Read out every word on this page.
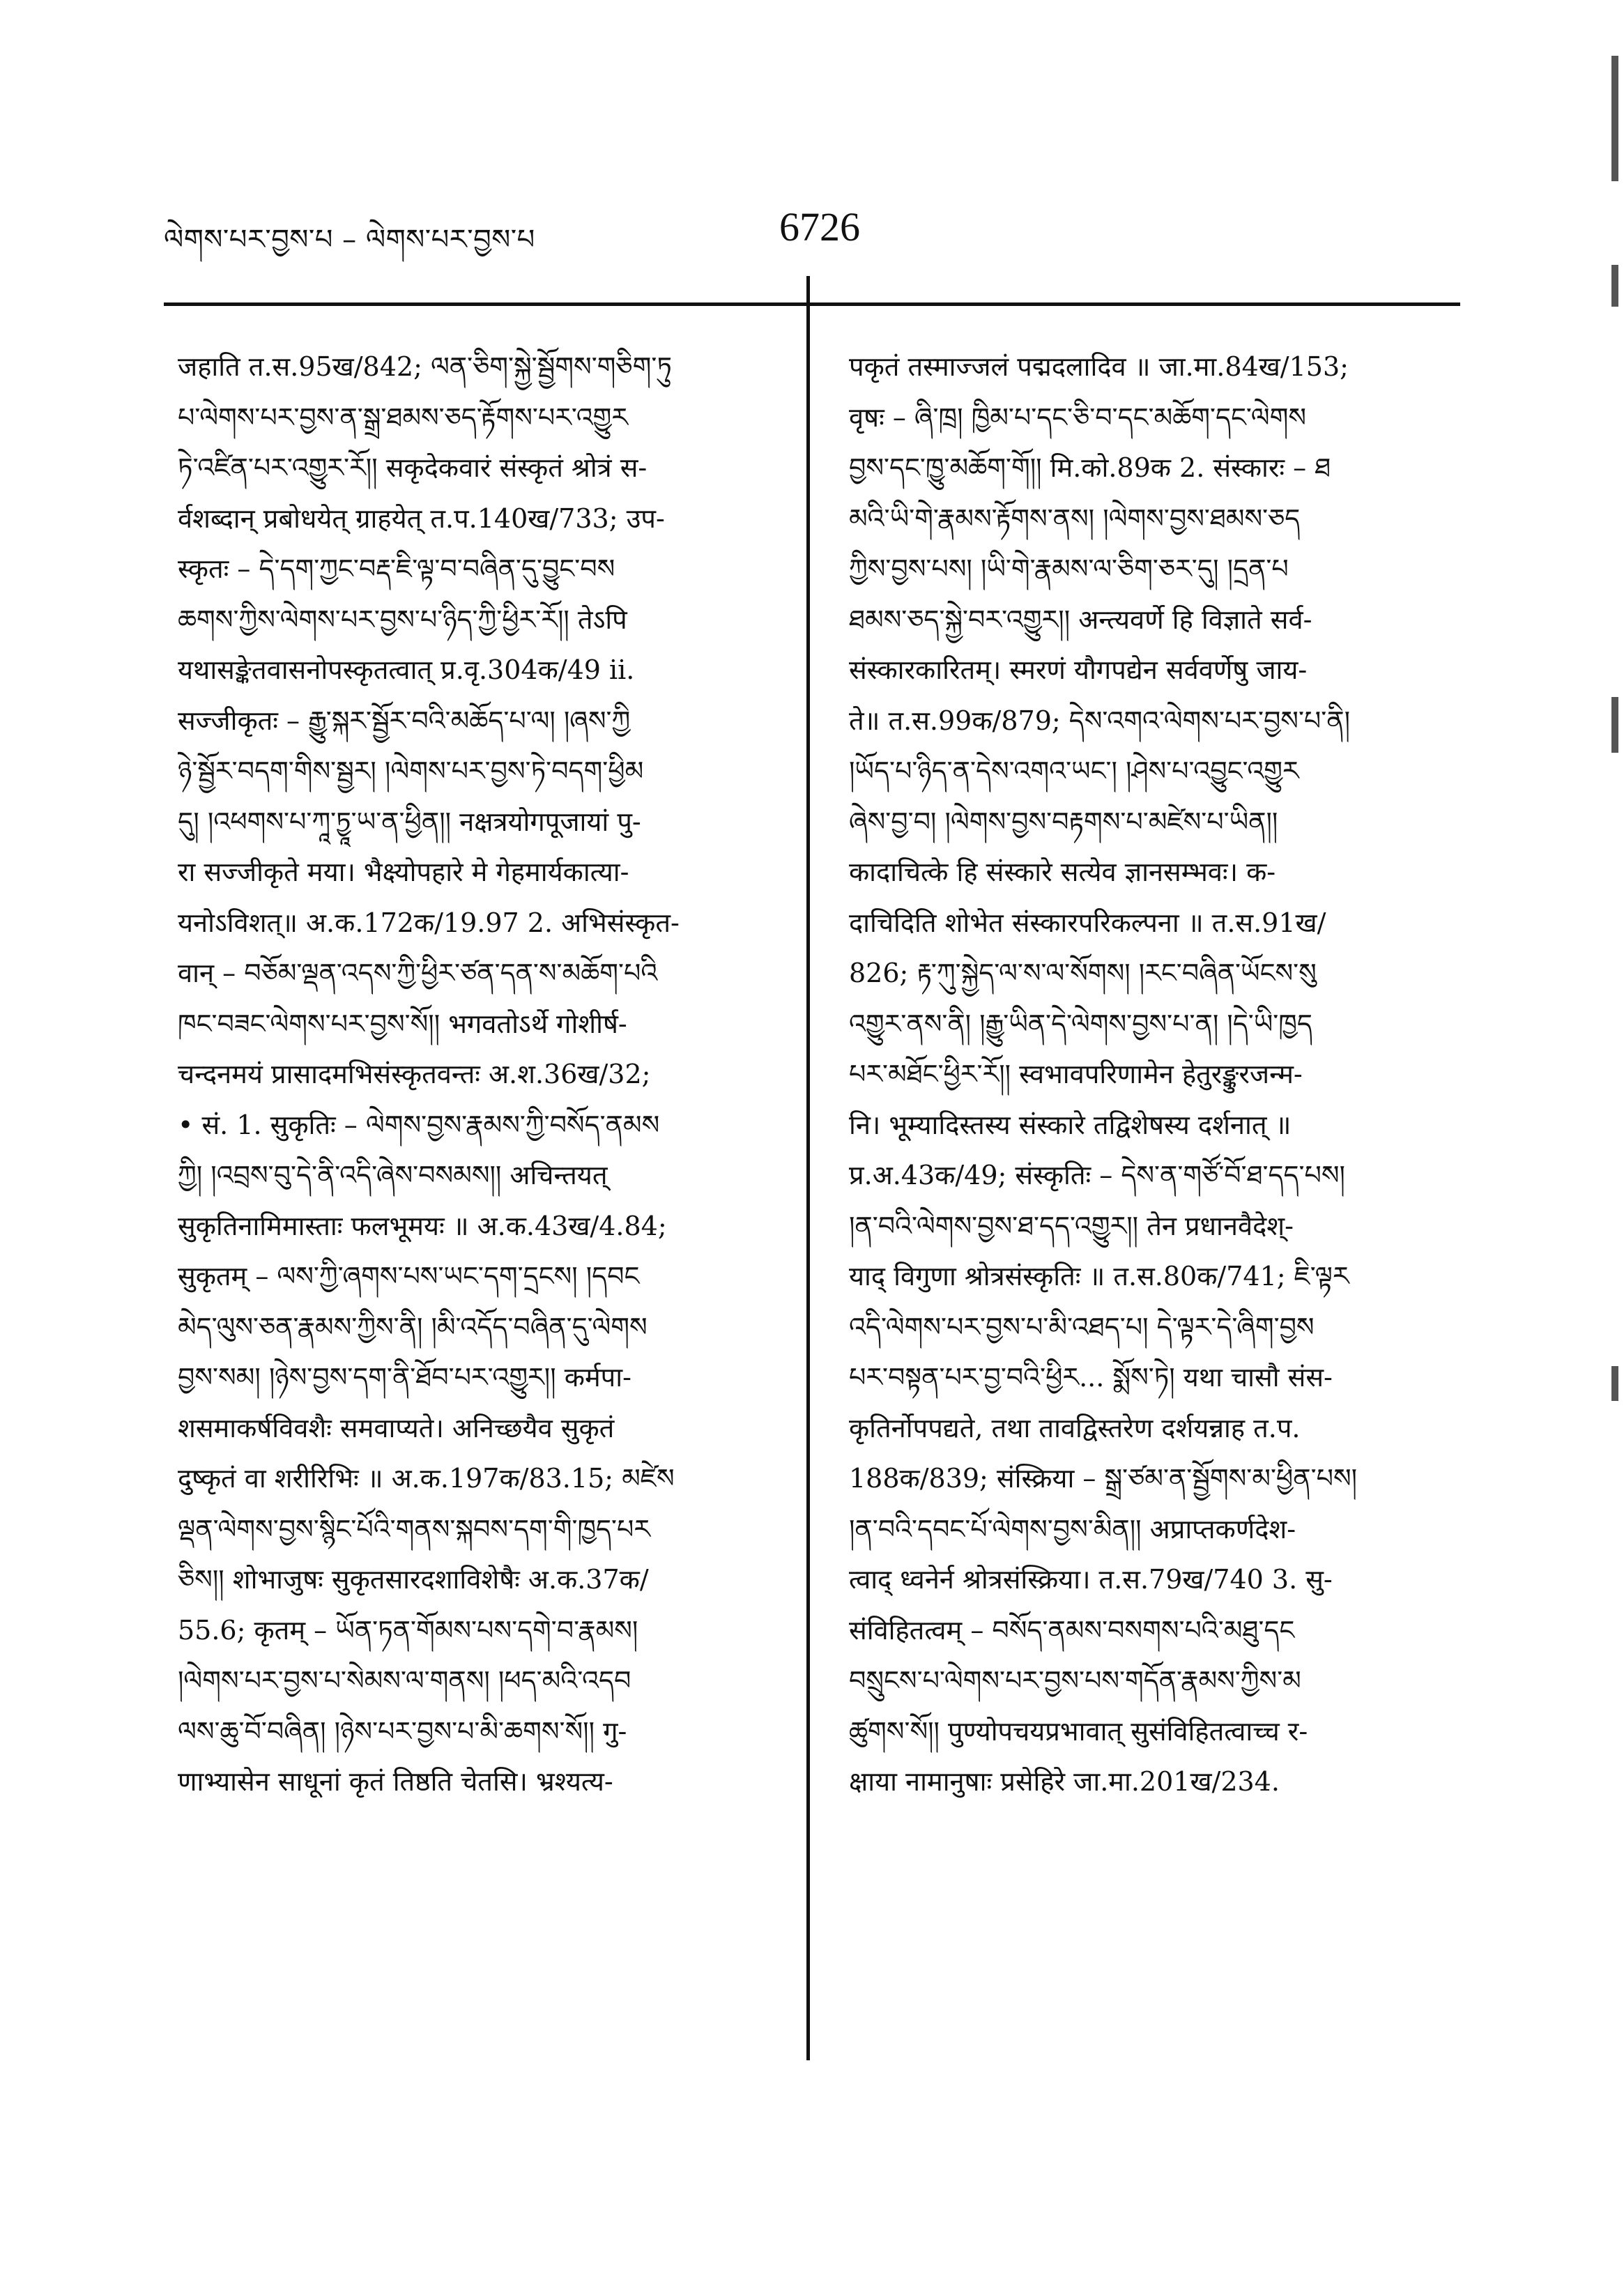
ལེགས་པར་བྱས་པ – ལེགས་པར་བྱས་པ	6726
जहाति त.स.95ख/842; ལན་ཅིག་སྐྱེ་སྦྱོགས་གཅིག་ཏུ
པ་ལེགས་པར་བྱས་ན་སྒྲ་ཐམས་ཅད་རྟོགས་པར་འགྱུར
ཏེ་འཛིན་པར་འགྱུར་རོ།། सकृदेकवारं संस्कृतं श्रोत्रं स-
र्वशब्दान् प्रबोधयेत् ग्राहयेत् त.प.140ख/733; उप-
स्कृतः – དེ་དག་ཀྱང་བརྡ་ཇི་ལྟ་བ་བཞིན་དུ་བྱུང་བས
ཆགས་ཀྱིས་ལེགས་པར་བྱས་པ་ཉིད་ཀྱི་ཕྱིར་རོ།། तेऽपि
यथासङ्केतवासनोपस्कृतत्वात् प्र.वृ.304क/49 ii.
सज्जीकृतः – རྒྱུ་སྐར་སྦྱོར་བའི་མཆོད་པ་ལ། །ཞས་ཀྱི
ཉེ་སྦྱོར་བདག་གིས་སྦྱར། །ལེགས་པར་བྱས་ཏེ་བདག་ཕྱིམ
དུ། །འཕགས་པ་ཀཱ་ཏྱཱ་ཡ་ན་ཕྱིན།། नक्षत्रयोगपूजायां पु-
रा सज्जीकृते मया। भैक्ष्योपहारे मे गेहमार्यकात्या-
यनोऽविशत्॥ अ.क.172क/19.97 2. अभिसंस्कृत-
वान् – བཅོམ་ལྡན་འདས་ཀྱི་ཕྱིར་ཙན་དན་ས་མཆོག་པའི
ཁང་བཟང་ལེགས་པར་བྱས་སོ།། भगवतोऽर्थे गोशीर्ष-
चन्दनमयं प्रासादमभिसंस्कृतवन्तः अ.श.36ख/32;
• सं. 1. सुकृतिः – ལེགས་བྱས་རྣམས་ཀྱི་བསོད་ནམས
ཀྱི། །འབྲས་བུ་དེ་ནི་འདི་ཞེས་བསམས།། अचिन्तयत्
सुकृतिनामिमास्ताः फलभूमयः ॥ अ.क.43ख/4.84;
सुकृतम् – ལས་ཀྱི་ཞགས་པས་ཡང་དག་དྲངས། །དབང
མེད་ལུས་ཅན་རྣམས་ཀྱིས་ནི། །མི་འདོད་བཞིན་དུ་ལེགས
བྱས་སམ། །ཉེས་བྱས་དག་ནི་ཐོབ་པར་འགྱུར།། कर्मपा-
शसमाकर्षविवशैः समवाप्यते। अनिच्छयैव सुकृतं
दुष्कृतं वा शरीरिभिः ॥ अ.क.197क/83.15; མཛེས
ལྡན་ལེགས་བྱས་སྙིང་པོའི་གནས་སྐབས་དག་གི་ཁྱད་པར
ཅིས།། शोभाजुषः सुकृतसारदशाविशेषैः अ.क.37क/
55.6; कृतम् – ཡོན་ཏན་གོམས་པས་དགེ་བ་རྣམས།
།ལེགས་པར་བྱས་པ་སེམས་ལ་གནས། །ཕད་མའི་འདབ
ལས་ཆུ་བོ་བཞིན། །ཉེས་པར་བྱས་པ་མི་ཆགས་སོ།། गु-
णाभ्यासेन साधूनां कृतं तिष्ठति चेतसि। भ्रश्यत्य-
पकृतं तस्माज्जलं पद्मदलादिव ॥ जा.मा.84ख/153;
वृषः – ཞི་ཁྲ། ཁྱིམ་པ་དང་ཅི་བ་དང་མཆོག་དང་ལེགས
བྱས་དང་ཁྱུ་མཆོག་གོ།། मि.को.89क 2. संस्कारः – ཐ
མའི་ཡི་གེ་རྣམས་རྟོགས་ནས། །ལེགས་བྱས་ཐམས་ཅད
ཀྱིས་བྱས་པས། །ཡི་གེ་རྣམས་ལ་ཅིག་ཅར་དུ། །དྲན་པ
ཐམས་ཅད་སྐྱེ་བར་འགྱུར།། अन्त्यवर्णे हि विज्ञाते सर्व-
संस्कारकारितम्। स्मरणं यौगपद्येन सर्ववर्णेषु जाय-
ते॥ त.स.99क/879; དེས་འགའ་ལེགས་པར་བྱས་པ་ནི།
།ཡོད་པ་ཉིད་ན་དེས་འགའ་ཡང་། །ཤེས་པ་འབྱུང་འགྱུར
ཞེས་བྱ་བ། །ལེགས་བྱས་བརྟགས་པ་མཛེས་པ་ཡིན།།
कादाचित्के हि संस्कारे सत्येव ज्ञानसम्भवः। क-
दाचिदिति शोभेत संस्कारपरिकल्पना ॥ त.स.91ख/
826; རྟ་ཀུ་སྐྱེད་ལ་ས་ལ་སོགས། །རང་བཞིན་ཡོངས་སུ
འགྱུར་ནས་ནི། །རྒྱུ་ཡིན་དེ་ལེགས་བྱས་པ་ན། །དེ་ཡི་ཁྱད
པར་མཐོང་ཕྱིར་རོ།། स्वभावपरिणामेन हेतुरङ्कुरजन्म-
नि। भूम्यादिस्तस्य संस्कारे तद्विशेषस्य दर्शनात् ॥
प्र.अ.43क/49; संस्कृतिः – དེས་ན་གཙོ་བོ་ཐ་དད་པས།
།ན་བའི་ལེགས་བྱས་ཐ་དད་འགྱུར།། तेन प्रधानवैदेश्-
याद् विगुणा श्रोत्रसंस्कृतिः ॥ त.स.80क/741; ཇི་ལྟར
འདི་ལེགས་པར་བྱས་པ་མི་འཐད་པ། དེ་ལྟར་དེ་ཞིག་བྱས
པར་བསྟན་པར་བྱ་བའི་ཕྱིར... སྨོས་ཏེ། यथा चासौ संस-
कृतिर्नोपपद्यते, तथा तावद्विस्तरेण दर्शयन्नाह त.प.
188क/839; संस्क्रिया – སྒྲ་ཙམ་ན་སྦྱོགས་མ་ཕྱིན་པས།
།ན་བའི་དབང་པོ་ལེགས་བྱས་མིན།། अप्राप्तकर्णदेश-
त्वाद् ध्वनेर्न श्रोत्रसंस्क्रिया। त.स.79ख/740 3. सु-
संविहितत्वम् – བསོད་ནམས་བསགས་པའི་མཐུ་དང
བསྲུངས་པ་ལེགས་པར་བྱས་པས་གདོན་རྣམས་ཀྱིས་མ
ཚུགས་སོ།། पुण्योपचयप्रभावात् सुसंविहितत्वाच्च र-
क्षाया नामानुषाः प्रसेहिरे जा.मा.201ख/234.
